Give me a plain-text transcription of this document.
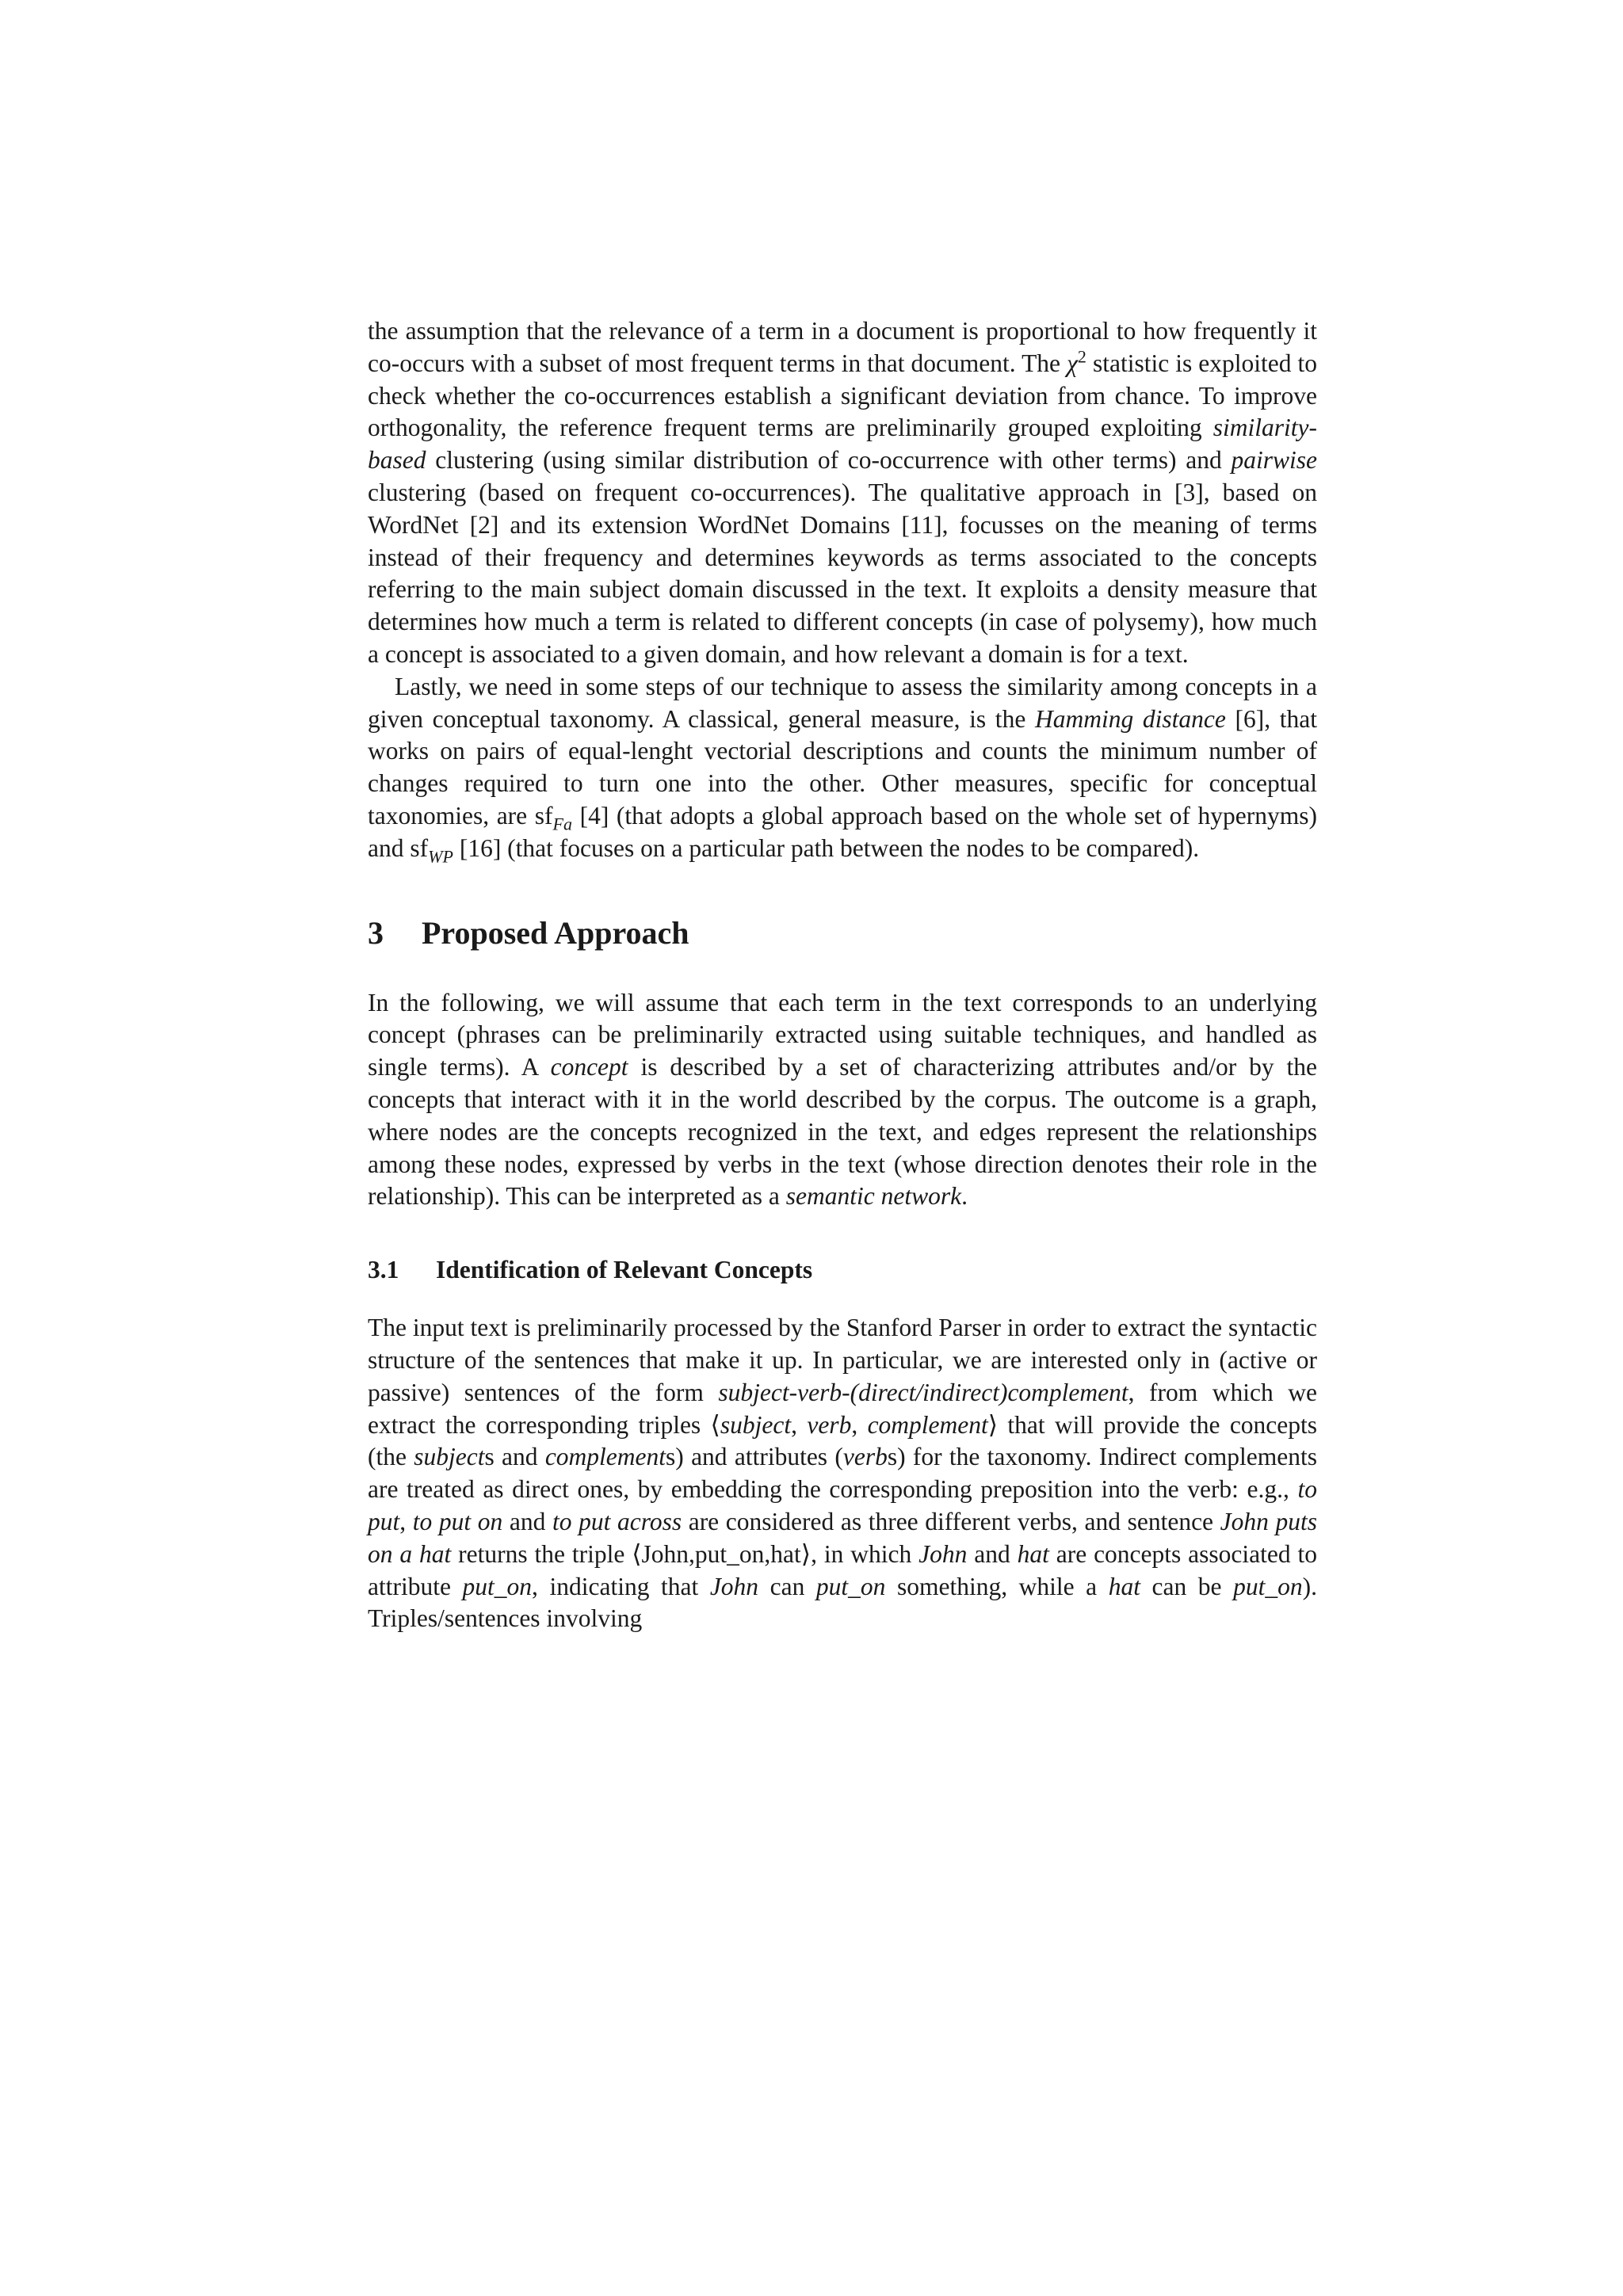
the assumption that the relevance of a term in a document is proportional to how frequently it co-occurs with a subset of most frequent terms in that document. The $\chi^2$ statistic is exploited to check whether the co-occurrences establish a significant deviation from chance. To improve orthogonality, the reference frequent terms are preliminarily grouped exploiting similarity-based clustering (using similar distribution of co-occurrence with other terms) and pairwise clustering (based on frequent co-occurrences). The qualitative approach in [3], based on WordNet [2] and its extension WordNet Domains [11], focusses on the meaning of terms instead of their frequency and determines keywords as terms associated to the concepts referring to the main subject domain discussed in the text. It exploits a density measure that determines how much a term is related to different concepts (in case of polysemy), how much a concept is associated to a given domain, and how relevant a domain is for a text.

Lastly, we need in some steps of our technique to assess the similarity among concepts in a given conceptual taxonomy. A classical, general measure, is the Hamming distance [6], that works on pairs of equal-lenght vectorial descriptions and counts the minimum number of changes required to turn one into the other. Other measures, specific for conceptual taxonomies, are $sf_{Fa}$ [4] (that adopts a global approach based on the whole set of hypernyms) and $sf_{WP}$ [16] (that focuses on a particular path between the nodes to be compared).

3 Proposed Approach

In the following, we will assume that each term in the text corresponds to an underlying concept (phrases can be preliminarily extracted using suitable techniques, and handled as single terms). A concept is described by a set of characterizing attributes and/or by the concepts that interact with it in the world described by the corpus. The outcome is a graph, where nodes are the concepts recognized in the text, and edges represent the relationships among these nodes, expressed by verbs in the text (whose direction denotes their role in the relationship). This can be interpreted as a semantic network.

3.1 Identification of Relevant Concepts

The input text is preliminarily processed by the Stanford Parser in order to extract the syntactic structure of the sentences that make it up. In particular, we are interested only in (active or passive) sentences of the form subject-verb-(direct/indirect)complement, from which we extract the corresponding triples ⟨subject, verb, complement⟩ that will provide the concepts (the subjects and complements) and attributes (verbs) for the taxonomy. Indirect complements are treated as direct ones, by embedding the corresponding preposition into the verb: e.g., to put, to put on and to put across are considered as three different verbs, and sentence John puts on a hat returns the triple ⟨John,put_on,hat⟩, in which John and hat are concepts associated to attribute put_on, indicating that John can put_on something, while a hat can be put_on). Triples/sentences involving
